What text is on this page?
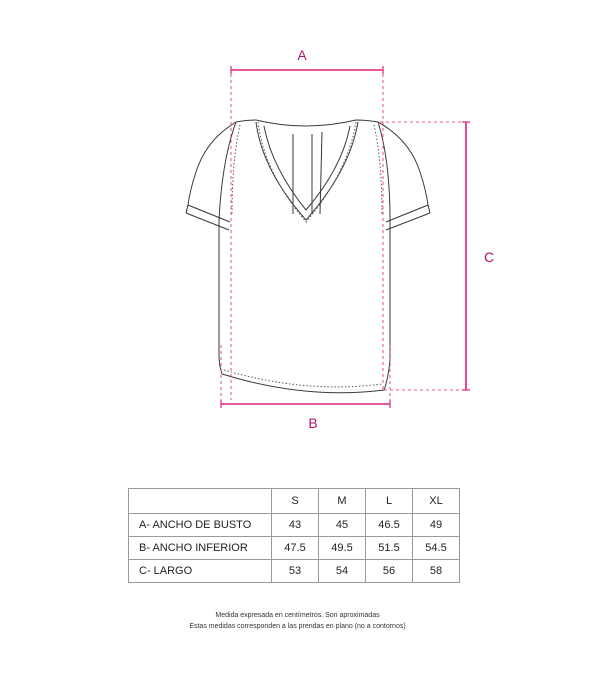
A
B
C
	S	M	L	XL
A- ANCHO DE BUSTO	43	45	46.5	49
B- ANCHO INFERIOR	47.5	49.5	51.5	54.5
C- LARGO	53	54	56	58
Medida expresada en centímetros. Son aproximadas
Estas medidas corresponden a las prendas en plano (no a contornos)
